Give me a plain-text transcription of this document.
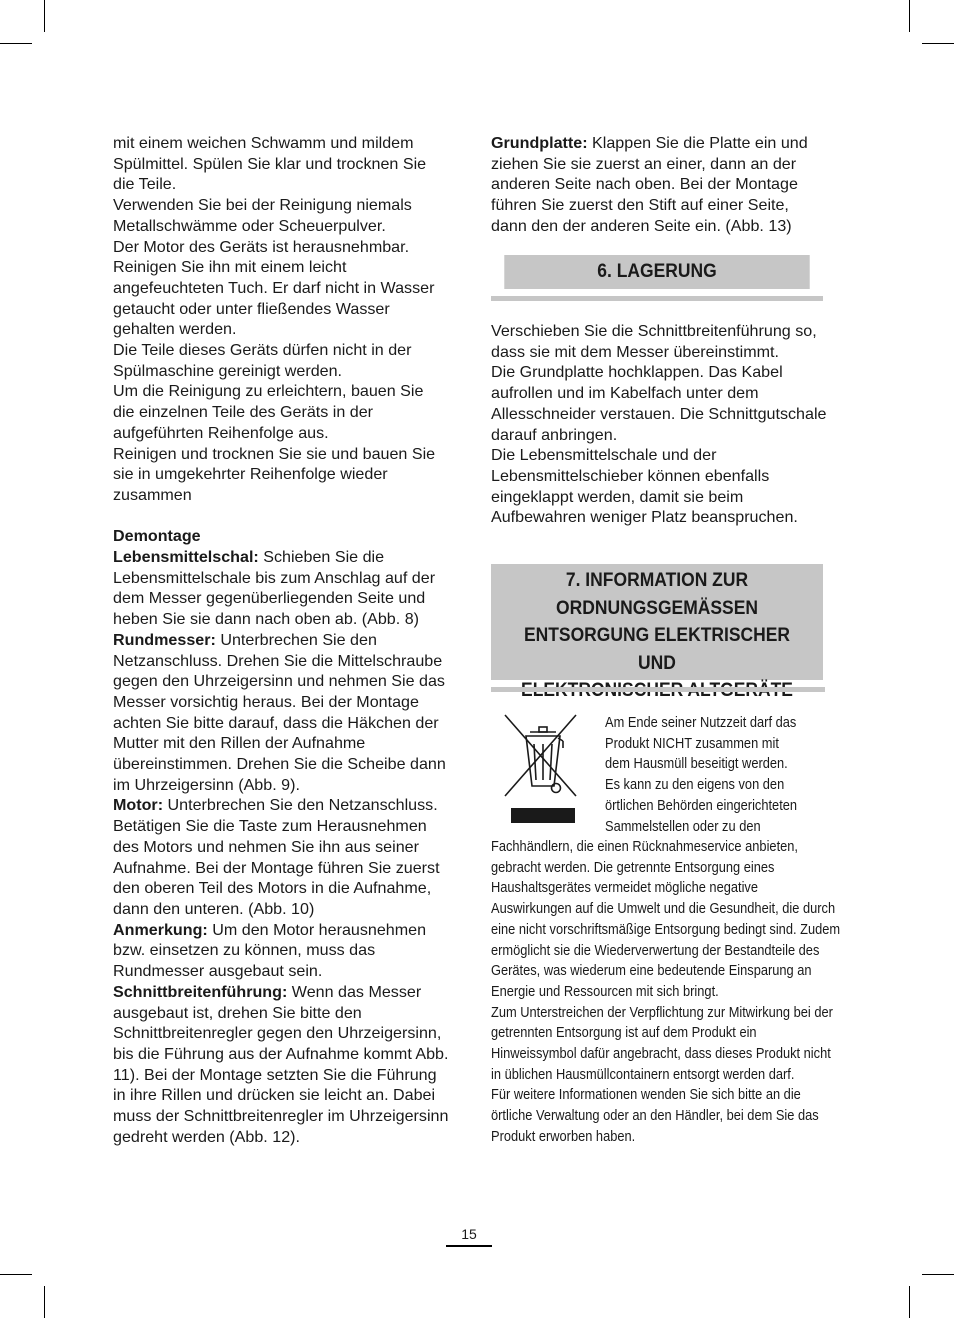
mit einem weichen Schwamm und mildem Spülmittel. Spülen Sie klar und trocknen Sie die Teile.

Verwenden Sie bei der Reinigung niemals Metallschwämme oder Scheuerpulver.

Der Motor des Geräts ist herausnehmbar. Reinigen Sie ihn mit einem leicht angefeuchteten Tuch. Er darf nicht in Wasser getaucht oder unter fließendes Wasser gehalten werden.

Die Teile dieses Geräts dürfen nicht in der Spülmaschine gereinigt werden.

Um die Reinigung zu erleichtern, bauen Sie die einzelnen Teile des Geräts in der aufgeführten Reihenfolge aus.

Reinigen und trocknen Sie sie und bauen Sie sie in umgekehrter Reihenfolge wieder zusammen

Demontage

Lebensmittelschal: Schieben Sie die Lebensmittelschale bis zum Anschlag auf der dem Messer gegenüberliegenden Seite und heben Sie sie dann nach oben ab. (Abb. 8)

Rundmesser: Unterbrechen Sie den Netzanschluss. Drehen Sie die Mittelschraube gegen den Uhrzeigersinn und nehmen Sie das Messer vorsichtig heraus. Bei der Montage achten Sie bitte darauf, dass die Häkchen der Mutter mit den Rillen der Aufnahme übereinstimmen. Drehen Sie die Scheibe dann im Uhrzeigersinn (Abb. 9).

Motor: Unterbrechen Sie den Netzanschluss. Betätigen Sie die Taste zum Herausnehmen des Motors und nehmen Sie ihn aus seiner Aufnahme. Bei der Montage führen Sie zuerst den oberen Teil des Motors in die Aufnahme, dann den unteren. (Abb. 10)

Anmerkung: Um den Motor herausnehmen bzw. einsetzen zu können, muss das Rundmesser ausgebaut sein.

Schnittbreitenführung: Wenn das Messer ausgebaut ist, drehen Sie bitte den Schnittbreitenregler gegen den Uhrzeigersinn, bis die Führung aus der Aufnahme kommt Abb. 11). Bei der Montage setzten Sie die Führung in ihre Rillen und drücken sie leicht an. Dabei muss der Schnittbreitenregler im Uhrzeigersinn gedreht werden (Abb. 12).

Grundplatte: Klappen Sie die Platte ein und ziehen Sie sie zuerst an einer, dann an der anderen Seite nach oben. Bei der Montage führen Sie zuerst den Stift auf einer Seite, dann den der anderen Seite ein. (Abb. 13)

6. LAGERUNG

Verschieben Sie die Schnittbreitenführung so, dass sie mit dem Messer übereinstimmt.

Die Grundplatte hochklappen. Das Kabel aufrollen und im Kabelfach unter dem Allesschneider verstauen. Die Schnittgutschale darauf anbringen.

Die Lebensmittelschale und der Lebensmittelschieber können ebenfalls eingeklappt werden, damit sie beim Aufbewahren weniger Platz beanspruchen.

7. INFORMATION ZUR
ORDNUNGSGEMÄSSEN
ENTSORGUNG ELEKTRISCHER UND
Am Ende seiner Nutzzeit darf das
Produkt NICHT zusammen mit
dem Hausmüll beseitigt werden.
Es kann zu den eigens von den
örtlichen Behörden eingerichteten
Sammelstellen oder zu den

Fachhändlern, die einen Rücknahmeservice anbieten, gebracht werden. Die getrennte Entsorgung eines Haushaltsgerätes vermeidet mögliche negative Auswirkungen auf die Umwelt und die Gesundheit, die durch eine nicht vorschriftsmäßige Entsorgung bedingt sind. Zudem ermöglicht sie die Wiederverwertung der Bestandteile des Gerätes, was wiederum eine bedeutende Einsparung an Energie und Ressourcen mit sich bringt.

Zum Unterstreichen der Verpflichtung zur Mitwirkung bei der getrennten Entsorgung ist auf dem Produkt ein Hinweissymbol dafür angebracht, dass dieses Produkt nicht in üblichen Hausmüllcontainern entsorgt werden darf.

Für weitere Informationen wenden Sie sich bitte an die örtliche Verwaltung oder an den Händler, bei dem Sie das Produkt erworben haben.

15
